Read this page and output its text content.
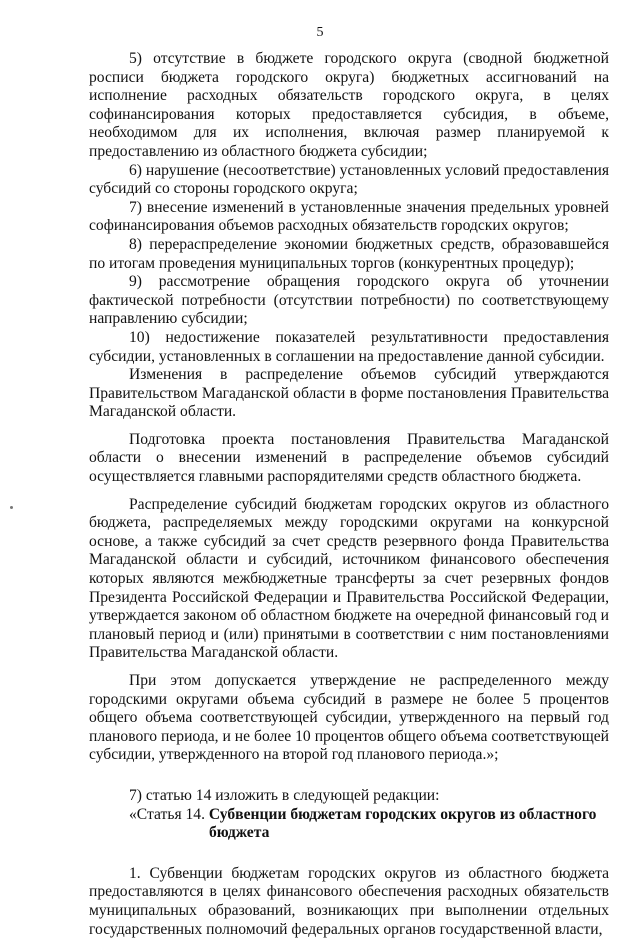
5

5) отсутствие в бюджете городского округа (сводной бюджетной росписи бюджета городского округа) бюджетных ассигнований на исполнение расходных обязательств городского округа, в целях софинансирования которых предоставляется субсидия, в объеме, необходимом для их исполнения, включая размер планируемой к предоставлению из областного бюджета субсидии;

6) нарушение (несоответствие) установленных условий предоставления субсидий со стороны городского округа;

7) внесение изменений в установленные значения предельных уровней софинансирования объемов расходных обязательств городских округов;

8) перераспределение экономии бюджетных средств, образовавшейся по итогам проведения муниципальных торгов (конкурентных процедур);

9) рассмотрение обращения городского округа об уточнении фактической потребности (отсутствии потребности) по соответствующему направлению субсидии;

10) недостижение показателей результативности предоставления субсидии, установленных в соглашении на предоставление данной субсидии.

Изменения в распределение объемов субсидий утверждаются Правительством Магаданской области в форме постановления Правительства Магаданской области.

Подготовка проекта постановления Правительства Магаданской области о внесении изменений в распределение объемов субсидий осуществляется главными распорядителями средств областного бюджета.

Распределение субсидий бюджетам городских округов из областного бюджета, распределяемых между городскими округами на конкурсной основе, а также субсидий за счет средств резервного фонда Правительства Магаданской области и субсидий, источником финансового обеспечения которых являются межбюджетные трансферты за счет резервных фондов Президента Российской Федерации и Правительства Российской Федерации, утверждается законом об областном бюджете на очередной финансовый год и плановый период и (или) принятыми в соответствии с ним постановлениями Правительства Магаданской области.

При этом допускается утверждение не распределенного между городскими округами объема субсидий в размере не более 5 процентов общего объема соответствующей субсидии, утвержденного на первый год планового периода, и не более 10 процентов общего объема соответствующей субсидии, утвержденного на второй год планового периода.»;

7) статью 14 изложить в следующей редакции:

«Статья 14. Субвенции бюджетам городских округов из областного

бюджета

1. Субвенции бюджетам городских округов из областного бюджета предоставляются в целях финансового обеспечения расходных обязательств муниципальных образований, возникающих при выполнении отдельных государственных полномочий федеральных органов государственной власти,
